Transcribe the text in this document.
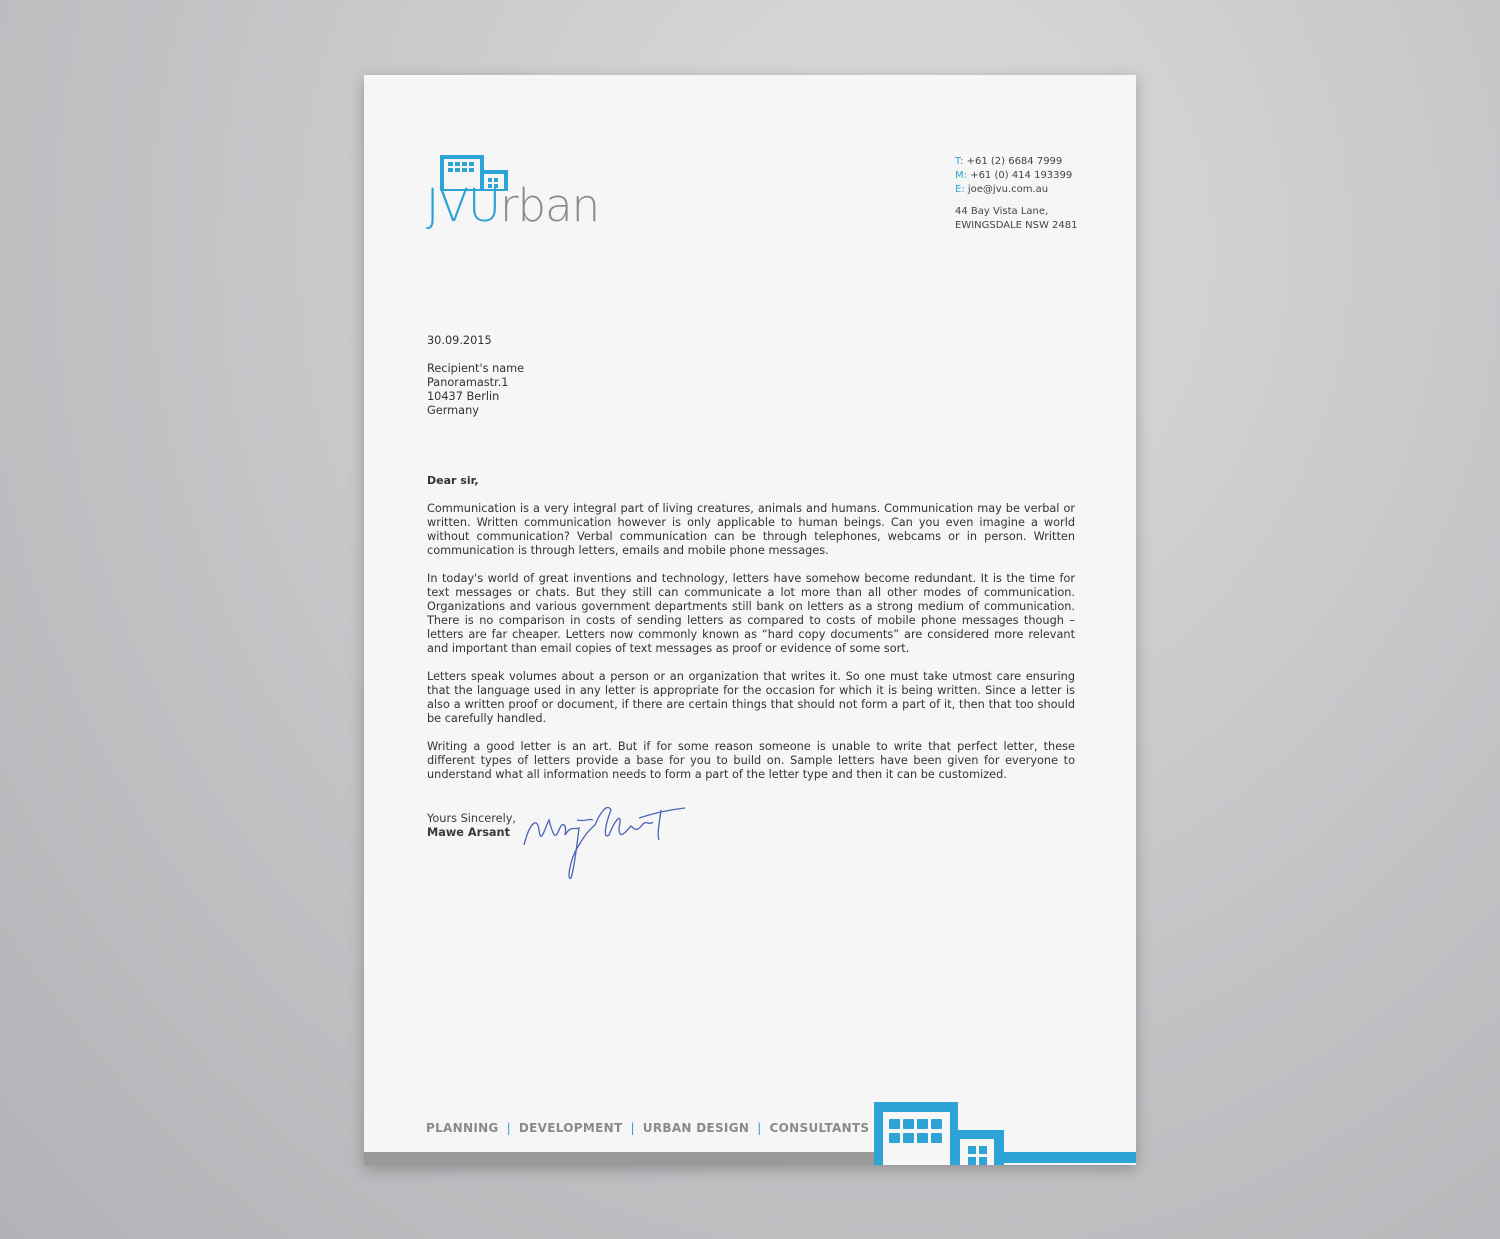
JVUrban
T: +61 (2) 6684 7999
M: +61 (0) 414 193399
E: joe@jvu.com.au
44 Bay Vista Lane,
EWINGSDALE NSW 2481
30.09.2015
Recipient's name
Panoramastr.1
10437 Berlin
Germany
Dear sir,

Communication is a very integral part of living creatures, animals and humans. Communication may be verbal or written. Written communication however is only applicable to human beings. Can you even imagine a world without communication? Verbal communication can be through telephones, webcams or in person. Written communication is through letters, emails and mobile phone messages.

In today's world of great inventions and technology, letters have somehow become redundant. It is the time for text messages or chats. But they still can communicate a lot more than all other modes of communication. Organizations and various government departments still bank on letters as a strong medium of communication. There is no comparison in costs of sending letters as compared to costs of mobile phone messages though – letters are far cheaper. Letters now commonly known as “hard copy documents” are considered more relevant and important than email copies of text messages as proof or evidence of some sort.

Letters speak volumes about a person or an organization that writes it. So one must take utmost care ensuring that the language used in any letter is appropriate for the occasion for which it is being written. Since a letter is also a written proof or document, if there are certain things that should not form a part of it, then that too should be carefully handled.

Writing a good letter is an art. But if for some reason someone is unable to write that perfect letter, these different types of letters provide a base for you to build on. Sample letters have been given for everyone to understand what all information needs to form a part of the letter type and then it can be customized.

Yours Sincerely,
Mawe Arsant
PLANNING | DEVELOPMENT | URBAN DESIGN | CONSULTANTS
